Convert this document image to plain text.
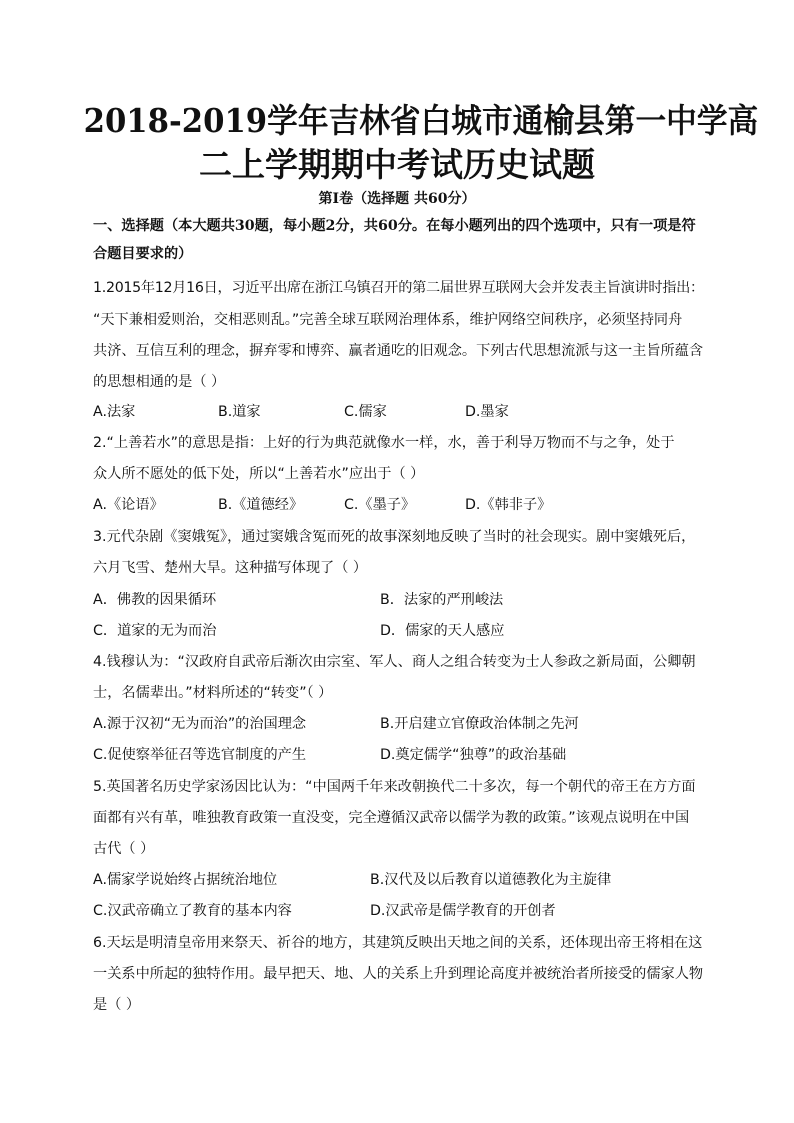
2018-2019学年吉林省白城市通榆县第一中学高
二上学期期中考试历史试题
第Ⅰ卷（选择题 共60分）
一、选择题（本大题共30题，每小题2分，共60分。在每小题列出的四个选项中，只有一项是符
合题目要求的）
1.2015年12月16日，习近平出席在浙江乌镇召开的第二届世界互联网大会并发表主旨演讲时指出：
“天下兼相爱则治，交相恶则乱。”完善全球互联网治理体系，维护网络空间秩序，必须坚持同舟
共济、互信互利的理念，摒弃零和博弈、赢者通吃的旧观念。下列古代思想流派与这一主旨所蕴含
的思想相通的是（ ）
A.法家	B.道家	C.儒家	D.墨家
2.“上善若水”的意思是指：上好的行为典范就像水一样，水，善于利导万物而不与之争，处于
众人所不愿处的低下处，所以“上善若水”应出于（ ）
A.《论语》	B.《道德经》	C.《墨子》	D.《韩非子》
3.元代杂剧《窦娥冤》，通过窦娥含冤而死的故事深刻地反映了当时的社会现实。剧中窦娥死后，
六月飞雪、楚州大旱。这种描写体现了（ ）
A．佛教的因果循环	B．法家的严刑峻法
C．道家的无为而治	D．儒家的天人感应
4.钱穆认为：“汉政府自武帝后渐次由宗室、军人、商人之组合转变为士人参政之新局面，公卿朝
士，名儒辈出。”材料所述的“转变”（ ）
A.源于汉初“无为而治”的治国理念	B.开启建立官僚政治体制之先河
C.促使察举征召等选官制度的产生	D.奠定儒学“独尊”的政治基础
5.英国著名历史学家汤因比认为：“中国两千年来改朝换代二十多次，每一个朝代的帝王在方方面
面都有兴有革，唯独教育政策一直没变，完全遵循汉武帝以儒学为教的政策。”该观点说明在中国
古代（ ）
A.儒家学说始终占据统治地位	B.汉代及以后教育以道德教化为主旋律
C.汉武帝确立了教育的基本内容	D.汉武帝是儒学教育的开创者
6.天坛是明清皇帝用来祭天、祈谷的地方，其建筑反映出天地之间的关系，还体现出帝王将相在这
一关系中所起的独特作用。最早把天、地、人的关系上升到理论高度并被统治者所接受的儒家人物
是（ ）
